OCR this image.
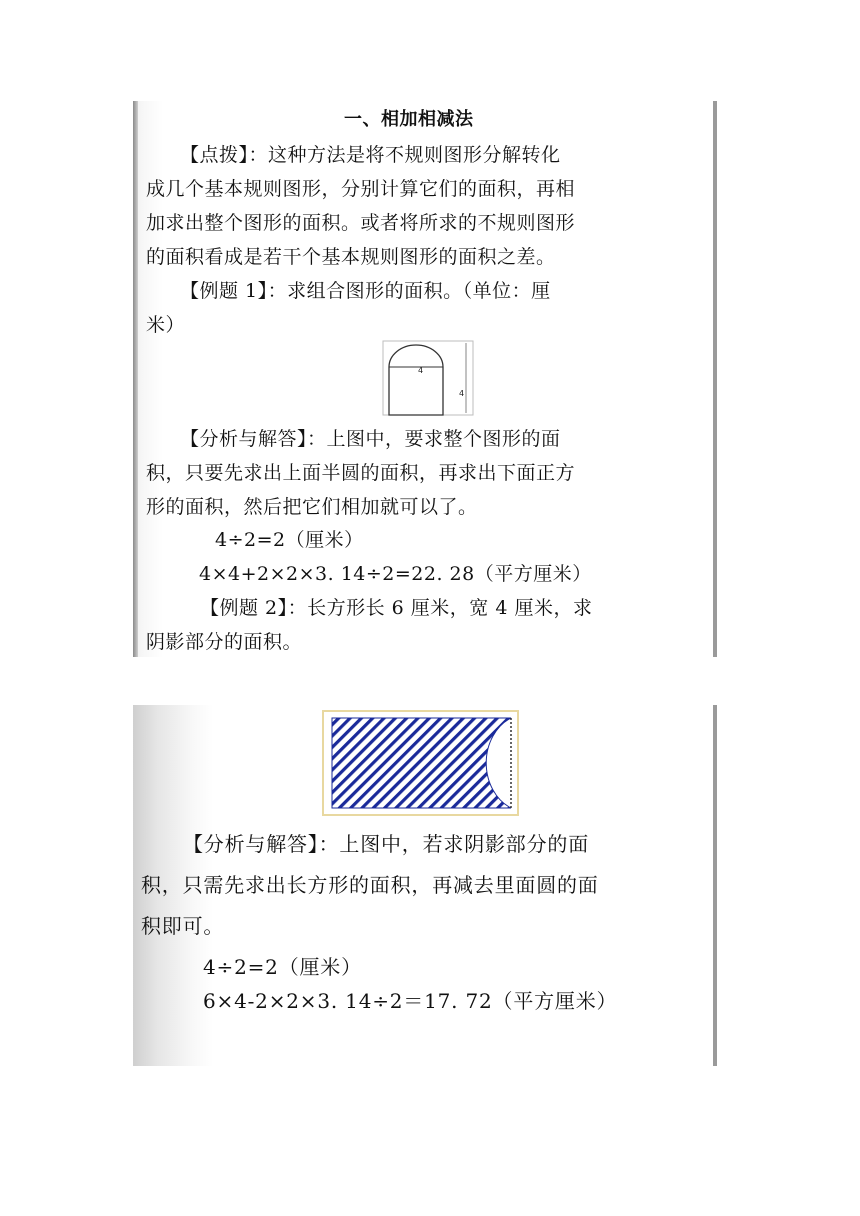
一、相加相减法
【点拨】：这种方法是将不规则图形分解转化
成几个基本规则图形，分别计算它们的面积，再相
加求出整个图形的面积。或者将所求的不规则图形
的面积看成是若干个基本规则图形的面积之差。
【例题 1】：求组合图形的面积。（单位：厘
米）
4
4
【分析与解答】：上图中，要求整个图形的面
积，只要先求出上面半圆的面积，再求出下面正方
形的面积，然后把它们相加就可以了。
4÷2=2（厘米）
4×4+2×2×3. 14÷2=22. 28（平方厘米）
【例题 2】：长方形长 6 厘米，宽 4 厘米，求
阴影部分的面积。
【分析与解答】：上图中，若求阴影部分的面
积，只需先求出长方形的面积，再减去里面圆的面
积即可。
4÷2=2（厘米）
6×4-2×2×3. 14÷2＝17. 72（平方厘米）
